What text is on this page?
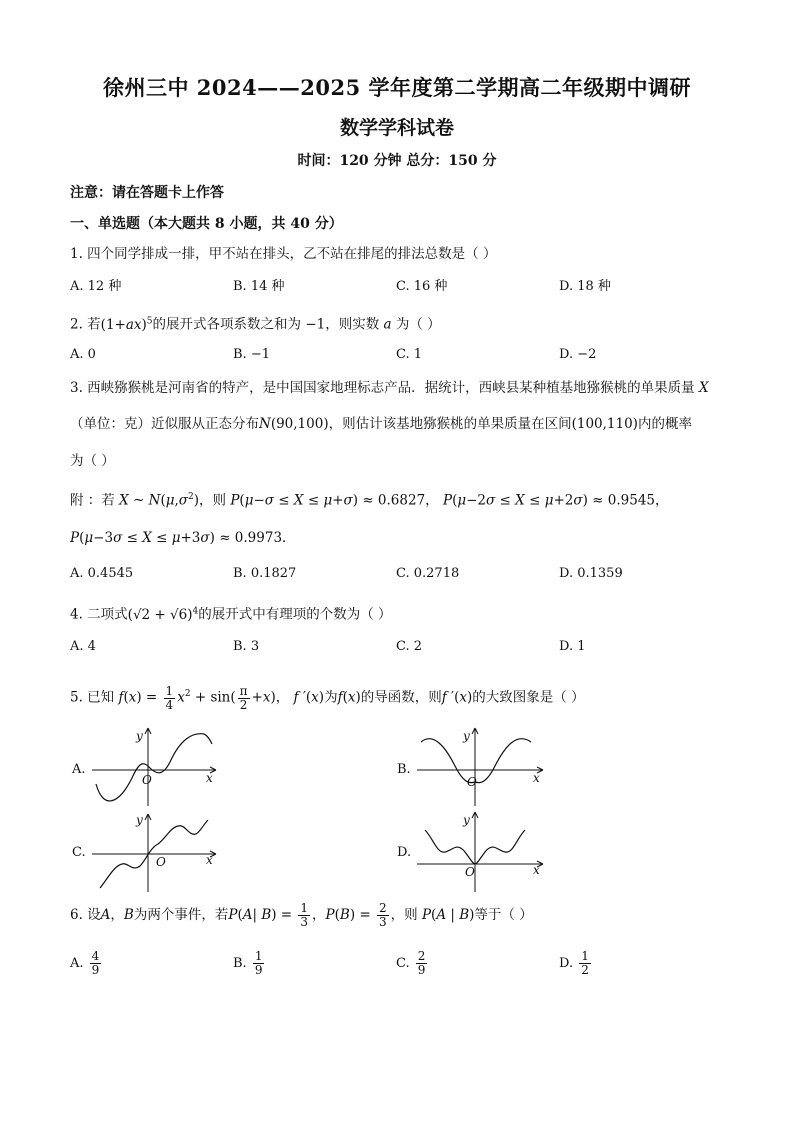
徐州三中 2024——2025 学年度第二学期高二年级期中调研
数学学科试卷
时间：120 分钟 总分：150 分
注意：请在答题卡上作答
一、单选题（本大题共 8 小题，共 40 分）
1. 四个同学排成一排，甲不站在排头，乙不站在排尾的排法总数是（ ）
A. 12 种	B. 14 种	C. 16 种	D. 18 种
2. 若$(1+ax)^5$的展开式各项系数之和为 −1，则实数 a 为（ ）
A. 0	B. −1	C. 1	D. −2
3. 西峡猕猴桃是河南省的特产，是中国国家地理标志产品．据统计，西峡县某种植基地猕猴桃的单果质量 X
（单位：克）近似服从正态分布N(90,100)，则估计该基地猕猴桃的单果质量在区间(100,110)内的概率
为（ ）
附 ：若 X ~ $N(\mu,\sigma^2)$，则 P(μ−σ ≤ X ≤ μ+σ) ≈ 0.6827， P(μ−2σ ≤ X ≤ μ+2σ) ≈ 0.9545，
P(μ−3σ ≤ X ≤ μ+3σ) ≈ 0.9973．
A. 0.4545	B. 0.1827	C. 0.2718	D. 0.1359
4. 二项式$(√2 + √6)^4$的展开式中有理项的个数为（ ）
A. 4	B. 3	C. 2	D. 1
5. 已知 $f(x) = \frac{1}{4} x^2 + \sin( \frac{\pi}{2} +x)$， f ′(x)为f(x)的导函数，则f ′(x)的大致图象是（ ）
A.
y
x
O
B.
y
x
O
C.
y
x
O
D.
y
x
O
6. 设A，B为两个事件，若P(A| $B) = \frac{1}{3}$ ，$P(B) = \frac{2}{3}$ ，则 P(A | B)等于（ ）
A. $\frac{4}{9}$	B. $\frac{1}{9}$	C. $\frac{2}{9}$	D. $\frac{1}{2}$
